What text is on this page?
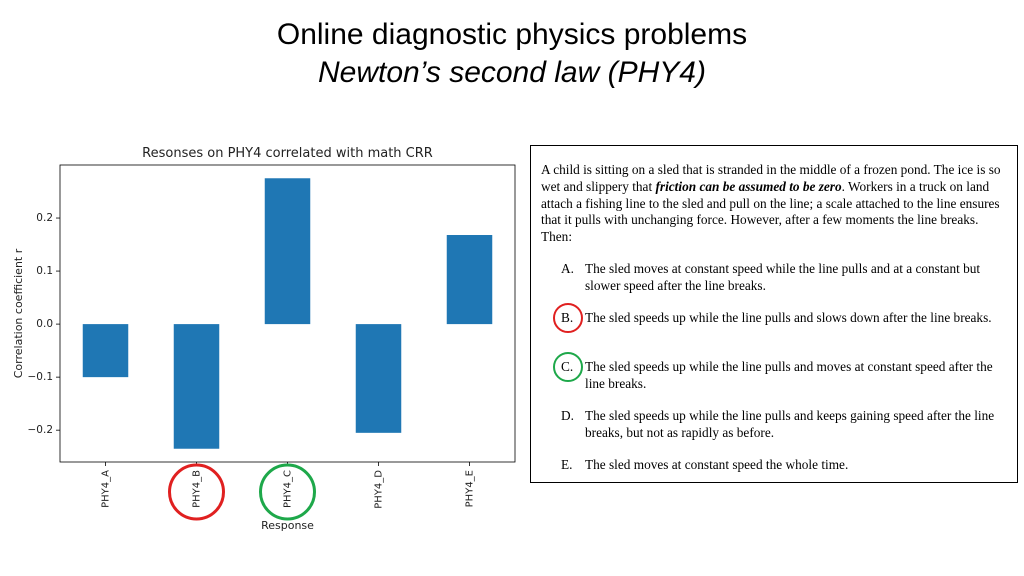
Online diagnostic physics problems
Newton’s second law (PHY4)
Resonses on PHY4 correlated with math CRR
Response
Correlation coefficient r
PHY4_A	PHY4_B	PHY4_C	PHY4_D	PHY4_E
0.2
0.1
0.0
−0.1
−0.2

A child is sitting on a sled that is stranded in the middle of a frozen pond. The ice is so wet and slippery that friction can be assumed to be zero. Workers in a truck on land attach a fishing line to the sled and pull on the line; a scale attached to the line ensures that it pulls with unchanging force. However, after a few moments the line breaks. Then:

A. The sled moves at constant speed while the line pulls and at a constant but slower speed after the line breaks.
B. The sled speeds up while the line pulls and slows down after the line breaks.
C. The sled speeds up while the line pulls and moves at constant speed after the line breaks.
D. The sled speeds up while the line pulls and keeps gaining speed after the line breaks, but not as rapidly as before.
E. The sled moves at constant speed the whole time.
